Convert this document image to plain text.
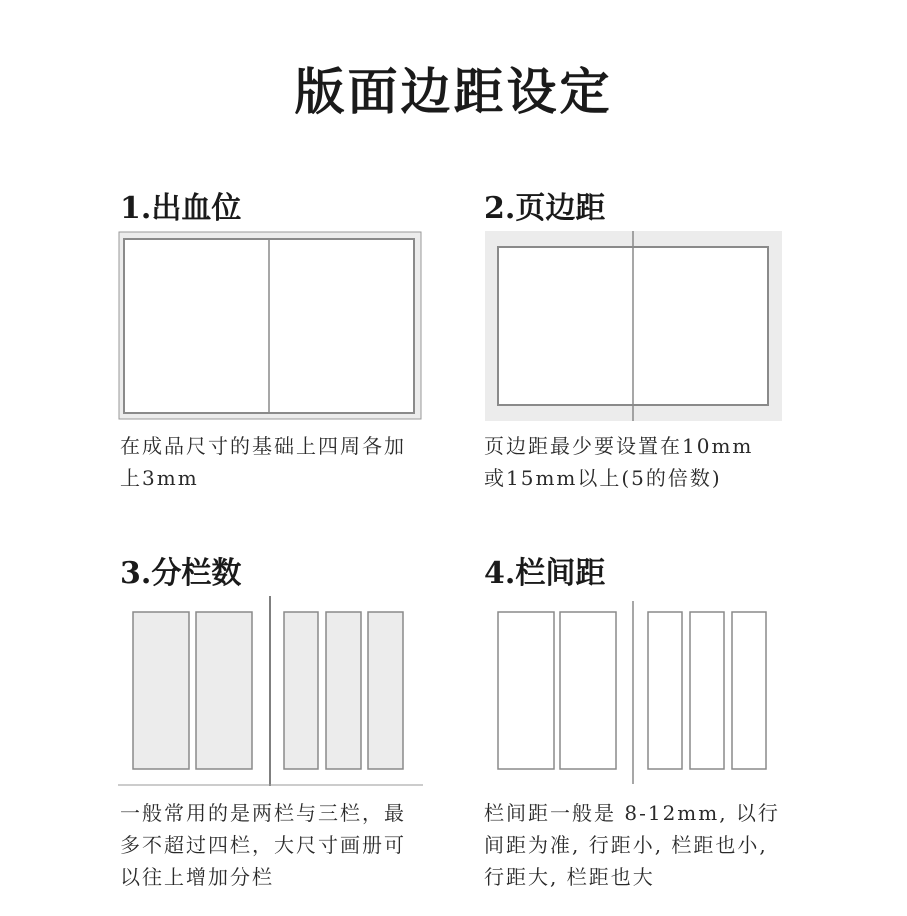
版面边距设定
1.出血位
在成品尺寸的基础上四周各加
上3mm
2.页边距
页边距最少要设置在10mm
或15mm以上(5的倍数)
3.分栏数
一般常用的是两栏与三栏，最
多不超过四栏，大尺寸画册可
以往上增加分栏
4.栏间距
栏间距一般是 8-12mm, 以行
间距为准, 行距小, 栏距也小,
行距大, 栏距也大
